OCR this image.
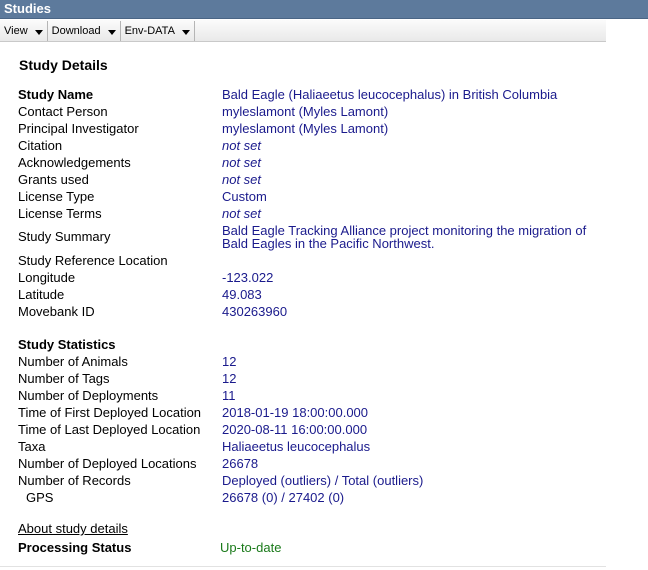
Studies
View Download Env-DATA
Study Details
Study Name	Bald Eagle (Haliaeetus leucocephalus) in British Columbia
Contact Person	myleslamont (Myles Lamont)
Principal Investigator	myleslamont (Myles Lamont)
Citation	not set
Acknowledgements	not set
Grants used	not set
License Type	Custom
License Terms	not set
Study Summary	Bald Eagle Tracking Alliance project monitoring the migration of Bald Eagles in the Pacific Northwest.
Study Reference Location
Longitude	-123.022
Latitude	49.083
Movebank ID	430263960
Study Statistics
Number of Animals	12
Number of Tags	12
Number of Deployments	11
Time of First Deployed Location 2018-01-19 18:00:00.000
Time of Last Deployed Location 2020-08-11 16:00:00.000
Taxa	Haliaeetus leucocephalus
Number of Deployed Locations 26678
Number of Records	Deployed (outliers) / Total (outliers)
GPS	26678 (0) / 27402 (0)
About study details
Processing Status	Up-to-date
